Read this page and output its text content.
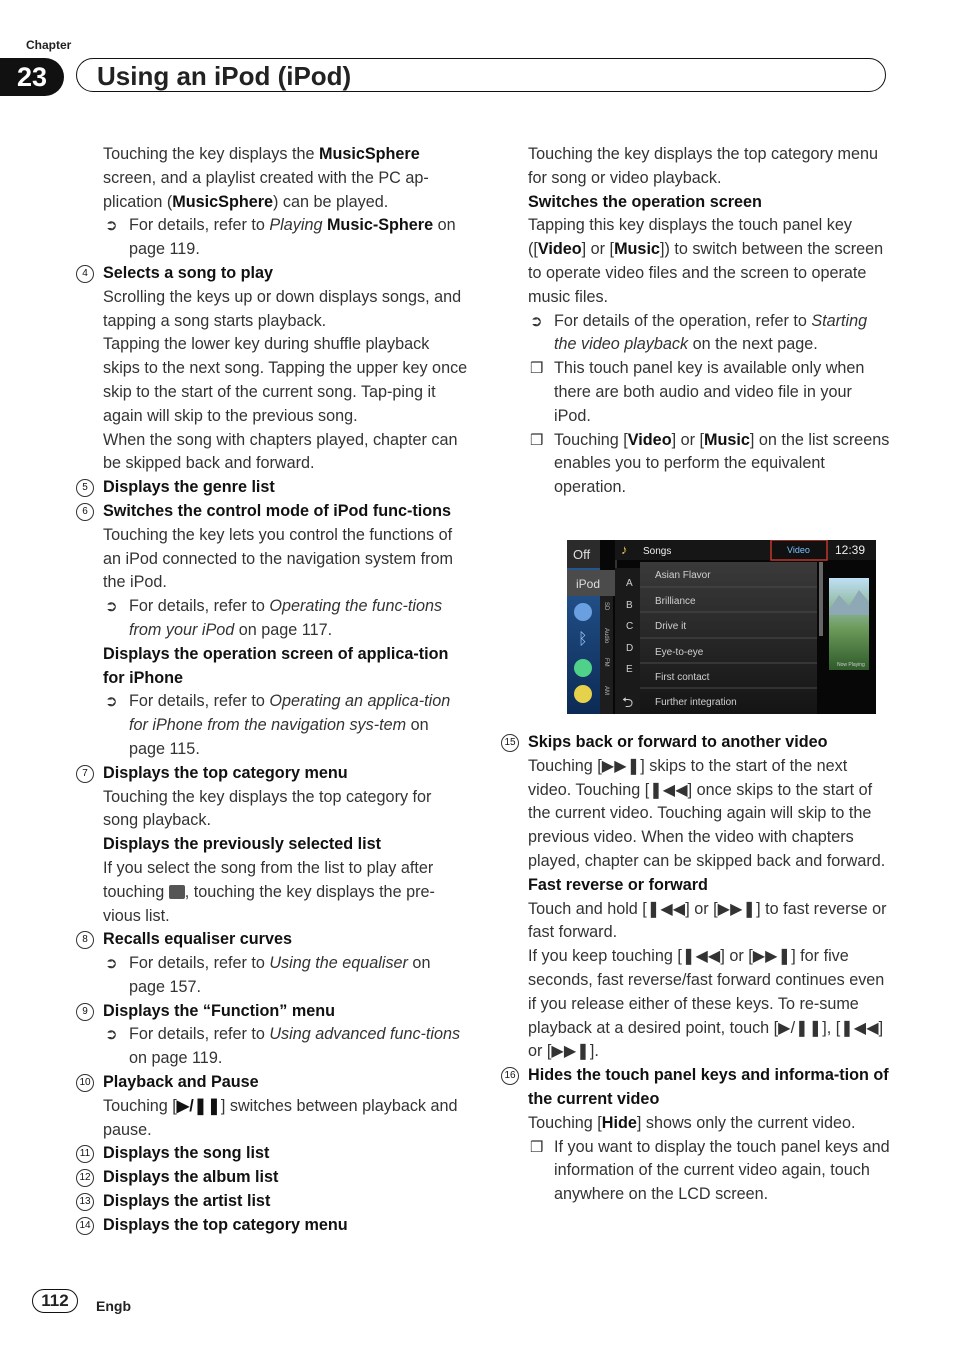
Chapter
23	Using an iPod (iPod)

Touching the key displays the MusicSphere screen, and a playlist created with the PC ap-plication (MusicSphere) can be played.

➲ For details, refer to Playing Music-Sphere on page 119.

4 Selects a song to play

Scrolling the keys up or down displays songs, and tapping a song starts playback.

Tapping the lower key during shuffle playback skips to the next song. Tapping the upper key once skip to the start of the current song. Tap-ping it again will skip to the previous song.

When the song with chapters played, chapter can be skipped back and forward.

5 Displays the genre list

6 Switches the control mode of iPod func-tions

Touching the key lets you control the functions of an iPod connected to the navigation system from the iPod.

➲ For details, refer to Operating the func-tions from your iPod on page 117.

Displays the operation screen of applica-tion for iPhone

➲ For details, refer to Operating an applica-tion for iPhone from the navigation sys-tem on page 115.

7 Displays the top category menu

Touching the key displays the top category for song playback.

Displays the previously selected list

If you select the song from the list to play after touching , touching the key displays the pre-vious list.

8 Recalls equaliser curves

➲ For details, refer to Using the equaliser on page 157.

9 Displays the “Function” menu

➲ For details, refer to Using advanced func-tions on page 119.

10 Playback and Pause

Touching [▶/❚❚] switches between playback and pause.

11 Displays the song list

12 Displays the album list

13 Displays the artist list

14 Displays the top category menu

Touching the key displays the top category menu for song or video playback.

Switches the operation screen

Tapping this key displays the touch panel key ([Video] or [Music]) to switch between the screen to operate video files and the screen to operate music files.

➲ For details of the operation, refer to Starting the video playback on the next page.

❒ This touch panel key is available only when there are both audio and video file in your iPod.

❒ Touching [Video] or [Music] on the list screens enables you to perform the equivalent operation.

Off
iPod
♪ Songs	Video 12:39
A
B
C
D
E
⮌
Asian Flavor
Brilliance
Drive it
Eye-to-eye
First contact
Further integration
SD
Audio
FM
AM
Now Playing
ᛒ

15 Skips back or forward to another video

Touching [▶▶❚] skips to the start of the next video. Touching [❚◀◀] once skips to the start of the current video. Touching again will skip to the previous video. When the video with chapters played, chapter can be skipped back and forward.

Fast reverse or forward

Touch and hold [❚◀◀] or [▶▶❚] to fast reverse or fast forward.

If you keep touching [❚◀◀] or [▶▶❚] for five seconds, fast reverse/fast forward continues even if you release either of these keys. To re-sume playback at a desired point, touch [▶/❚❚], [❚◀◀] or [▶▶❚].

16 Hides the touch panel keys and informa-tion of the current video

Touching [Hide] shows only the current video.

❒ If you want to display the touch panel keys and information of the current video again, touch anywhere on the LCD screen.

112	Engb
